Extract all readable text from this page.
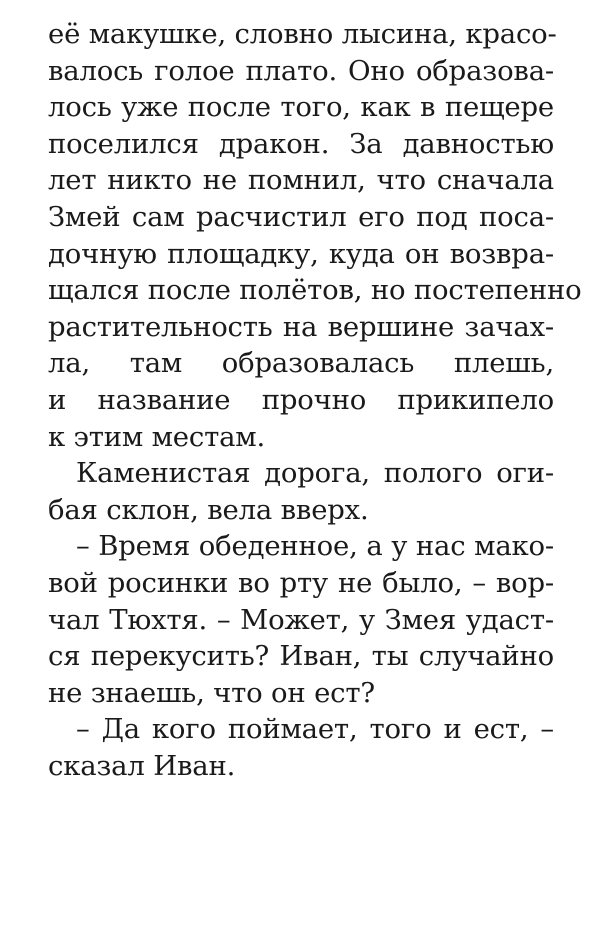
её макушке, словно лысина, красо-
валось голое плато. Оно образова-
лось уже после того, как в пещере
поселился дракон. За давностью
лет никто не помнил, что сначала
Змей сам расчистил его под поса-
дочную площадку, куда он возвра-
щался после полётов, но постепенно
растительность на вершине зачах-
ла, там образовалась плешь,
и название прочно прикипело
к этим местам.
Каменистая дорога, полого оги-
бая склон, вела вверх.
– Время обеденное, а у нас мако-
вой росинки во рту не было, – вор-
чал Тюхтя. – Может, у Змея удаст-
ся перекусить? Иван, ты случайно
не знаешь, что он ест?
– Да кого поймает, того и ест, –
сказал Иван.
